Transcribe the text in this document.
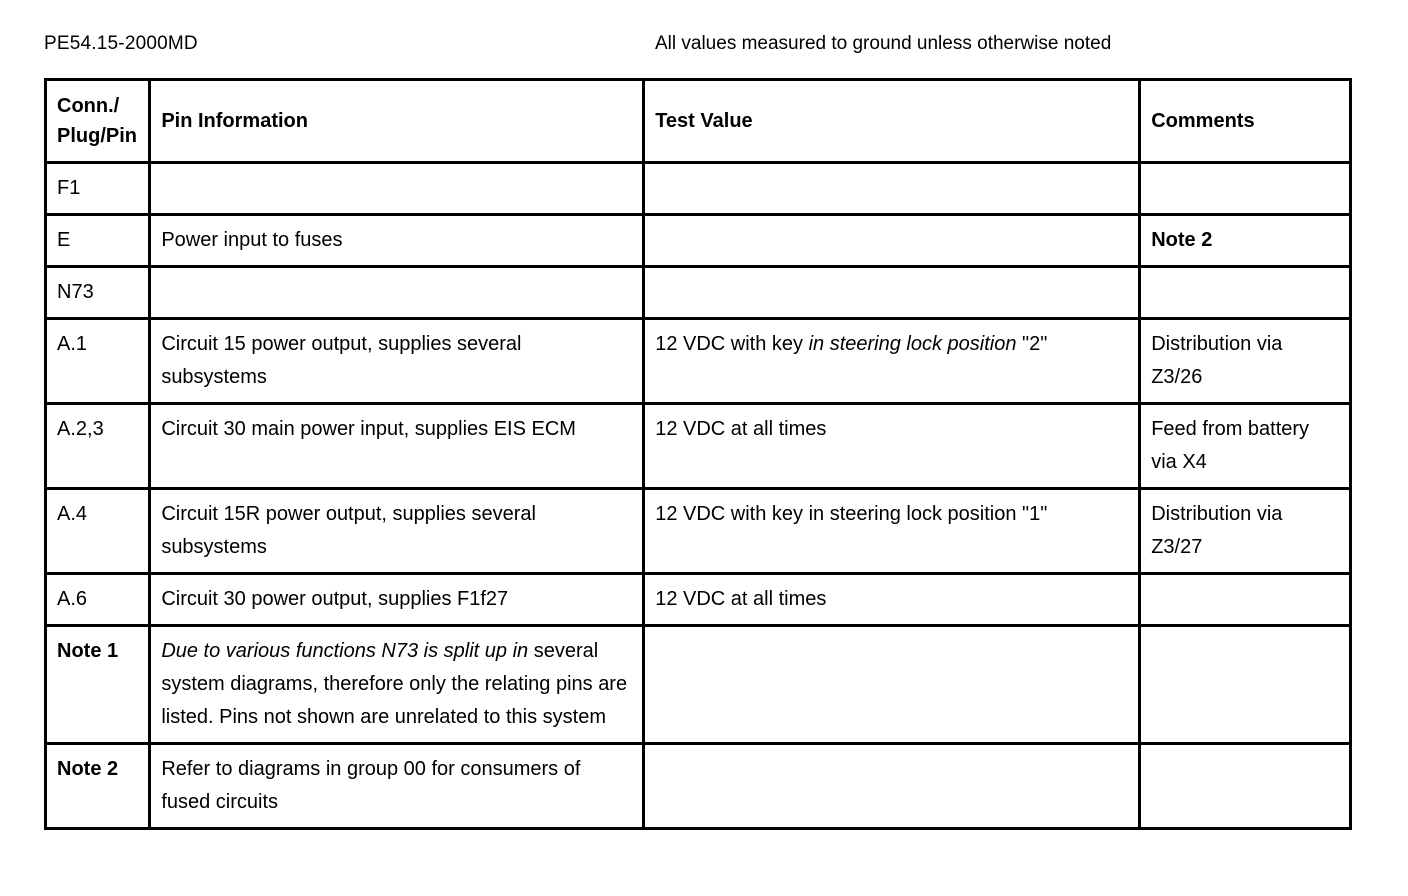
PE54.15-2000MD	All values measured to ground unless otherwise noted
Conn./ Plug/Pin	Pin Information	Test Value	Comments
F1			
E	Power input to fuses		Note 2
N73			
A.1	Circuit 15 power output, supplies several subsystems	12 VDC with key in steering lock position "2"	Distribution via Z3/26
A.2,3	Circuit 30 main power input, supplies EIS ECM	12 VDC at all times	Feed from battery via X4
A.4	Circuit 15R power output, supplies several subsystems	12 VDC with key in steering lock position "1"	Distribution via Z3/27
A.6	Circuit 30 power output, supplies F1f27	12 VDC at all times	
Note 1	Due to various functions N73 is split up in several system diagrams, therefore only the relating pins are listed. Pins not shown are unrelated to this system		
Note 2	Refer to diagrams in group 00 for consumers of fused circuits		
